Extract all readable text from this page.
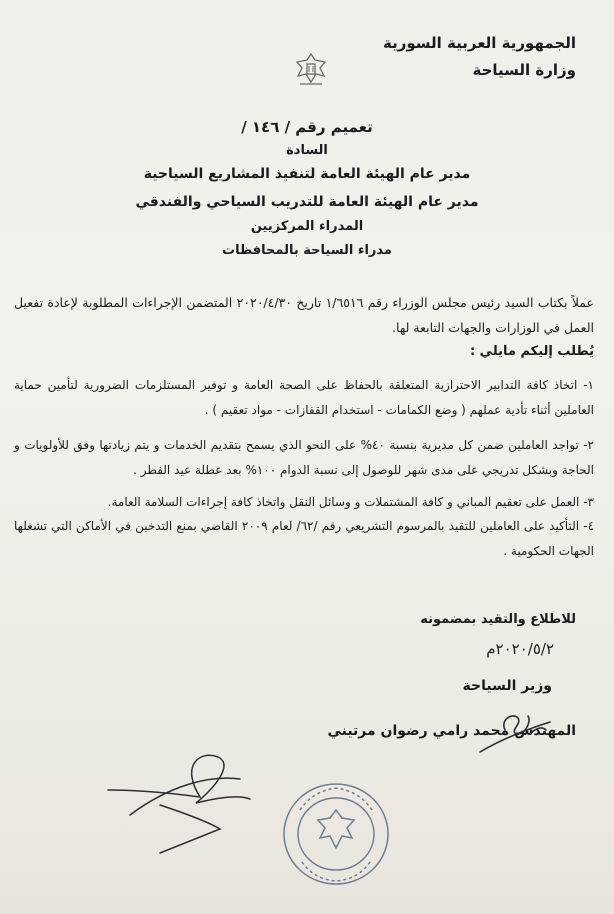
الجمهورية العربية السورية
وزارة السياحة
تعميم رقم / ١٤٦ /
السادة
مدير عام الهيئة العامة لتنفيذ المشاريع السياحية
مدير عام الهيئة العامة للتدريب السياحي والفندقي
المدراء المركزيين
مدراء السياحة بالمحافظات
عملاً بكتاب السيد رئيس مجلس الوزراء رقم ١/٦٥١٦ تاريخ ٢٠٢٠/٤/٣٠ المتضمن الإجراءات المطلوبة لإعادة تفعيل العمل في الوزارات والجهات التابعة لها.
يُطلب إليكم مايلي :
١- اتخاذ كافة التدابير الاحترازية المتعلقة بالحفاظ على الصحة العامة و توفير المستلزمات الضرورية لتأمين حماية العاملين أثناء تأدية عملهم ( وضع الكمامات - استخدام القفازات - مواد تعقيم ) .
٢- تواجد العاملين ضمن كل مديرية بنسبة ٤٠% على النحو الذي يسمح بتقديم الخدمات و يتم زيادتها وفق للأولويات و الحاجة وبشكل تدريجي على مدى شهر للوصول إلى نسبة الدوام ١٠٠% بعد عطلة عيد الفطر .
٣- العمل على تعقيم المباني و كافة المشتملات و وسائل النقل واتخاذ كافة إجراءات السلامة العامة.
٤- التأكيد على العاملين للتقيد بالمرسوم التشريعي رقم /٦٢/ لعام ٢٠٠٩ القاضي بمنع التدخين في الأماكن التي تشغلها الجهات الحكومية .
للاطلاع والتقيد بمضمونه
٢٠٢٠/٥/٢م
وزير السياحة
المهندس محمد رامي رضوان مرتيني
